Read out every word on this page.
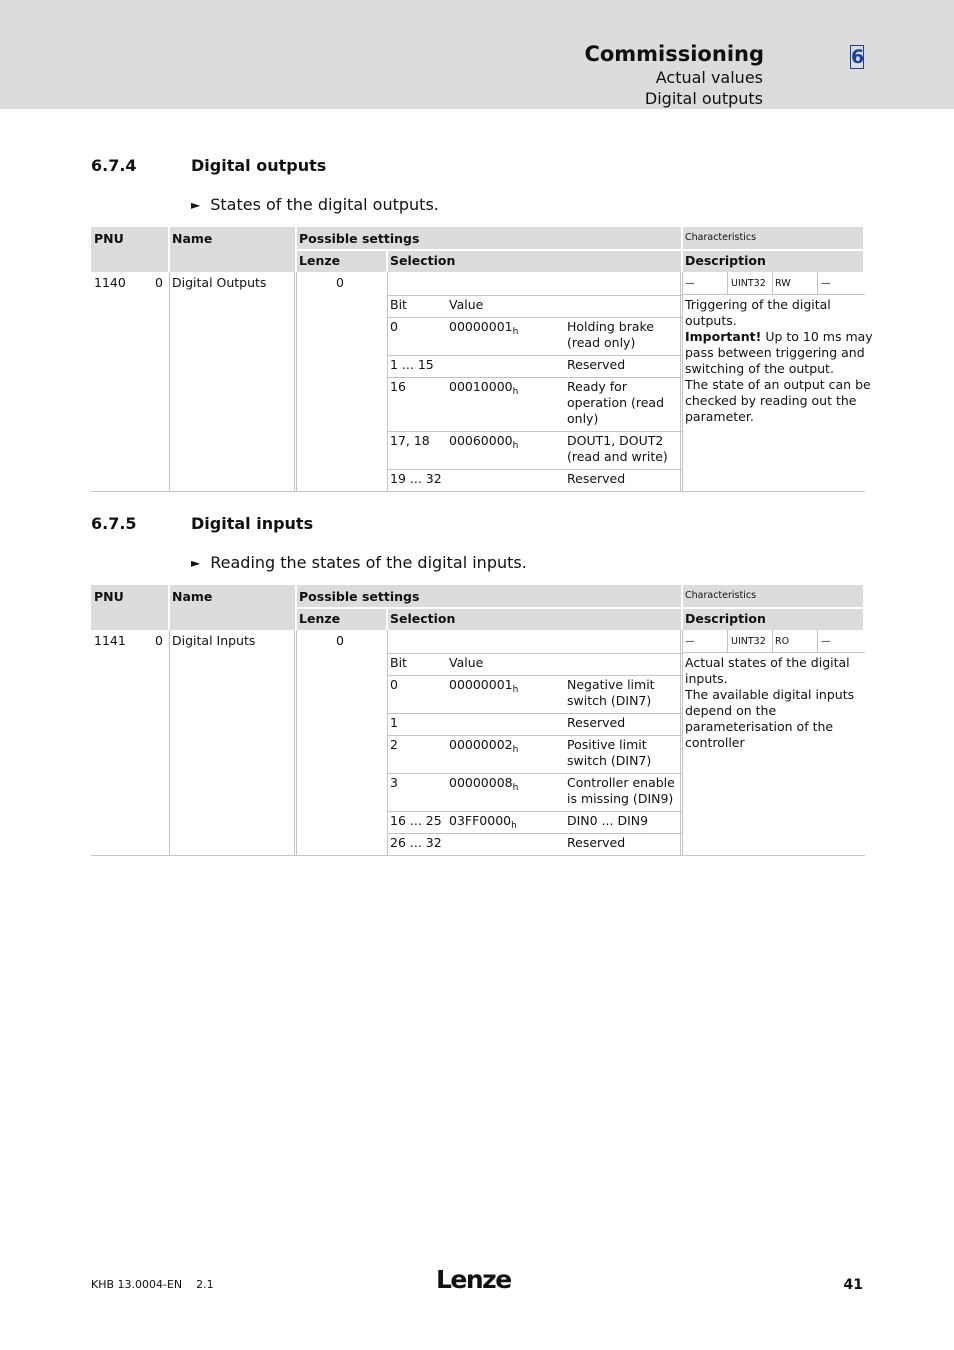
Commissioning
Actual values
Digital outputs
6
6.7.4	Digital outputs
► States of the digital outputs.
PNU	Name	Possible settings	Characteristics
Lenze	Selection	Description
1140 0 Digital Outputs	0	—	UINT32 RW	—
Bit	Value
0	$00000001_h$	Holding brake
(read only)
1 ... 15	Reserved
16	$00010000_h$	Ready for
operation (read
only)
17, 18 $00060000_h$	DOUT1, DOUT2
(read and write)
19 ... 32	Reserved
Triggering of the digital
outputs.
Important! Up to 10 ms may
pass between triggering and
switching of the output.
The state of an output can be
checked by reading out the
parameter.
6.7.5	Digital inputs
► Reading the states of the digital inputs.
PNU	Name	Possible settings	Characteristics
Lenze	Selection	Description
1141 0 Digital Inputs	0	—	UINT32 RO	—
Bit	Value
0	$00000001_h$	Negative limit
switch (DIN7)
1	Reserved
2	$00000002_h$	Positive limit
switch (DIN7)
3	$00000008_h$	Controller enable
is missing (DIN9)
16 ... 25 $03FF0000_h$	DIN0 ... DIN9
26 ... 32	Reserved
Actual states of the digital
inputs.
The available digital inputs
depend on the
parameterisation of the
controller
KHB 13.0004-EN 2.1	Lenze	41
